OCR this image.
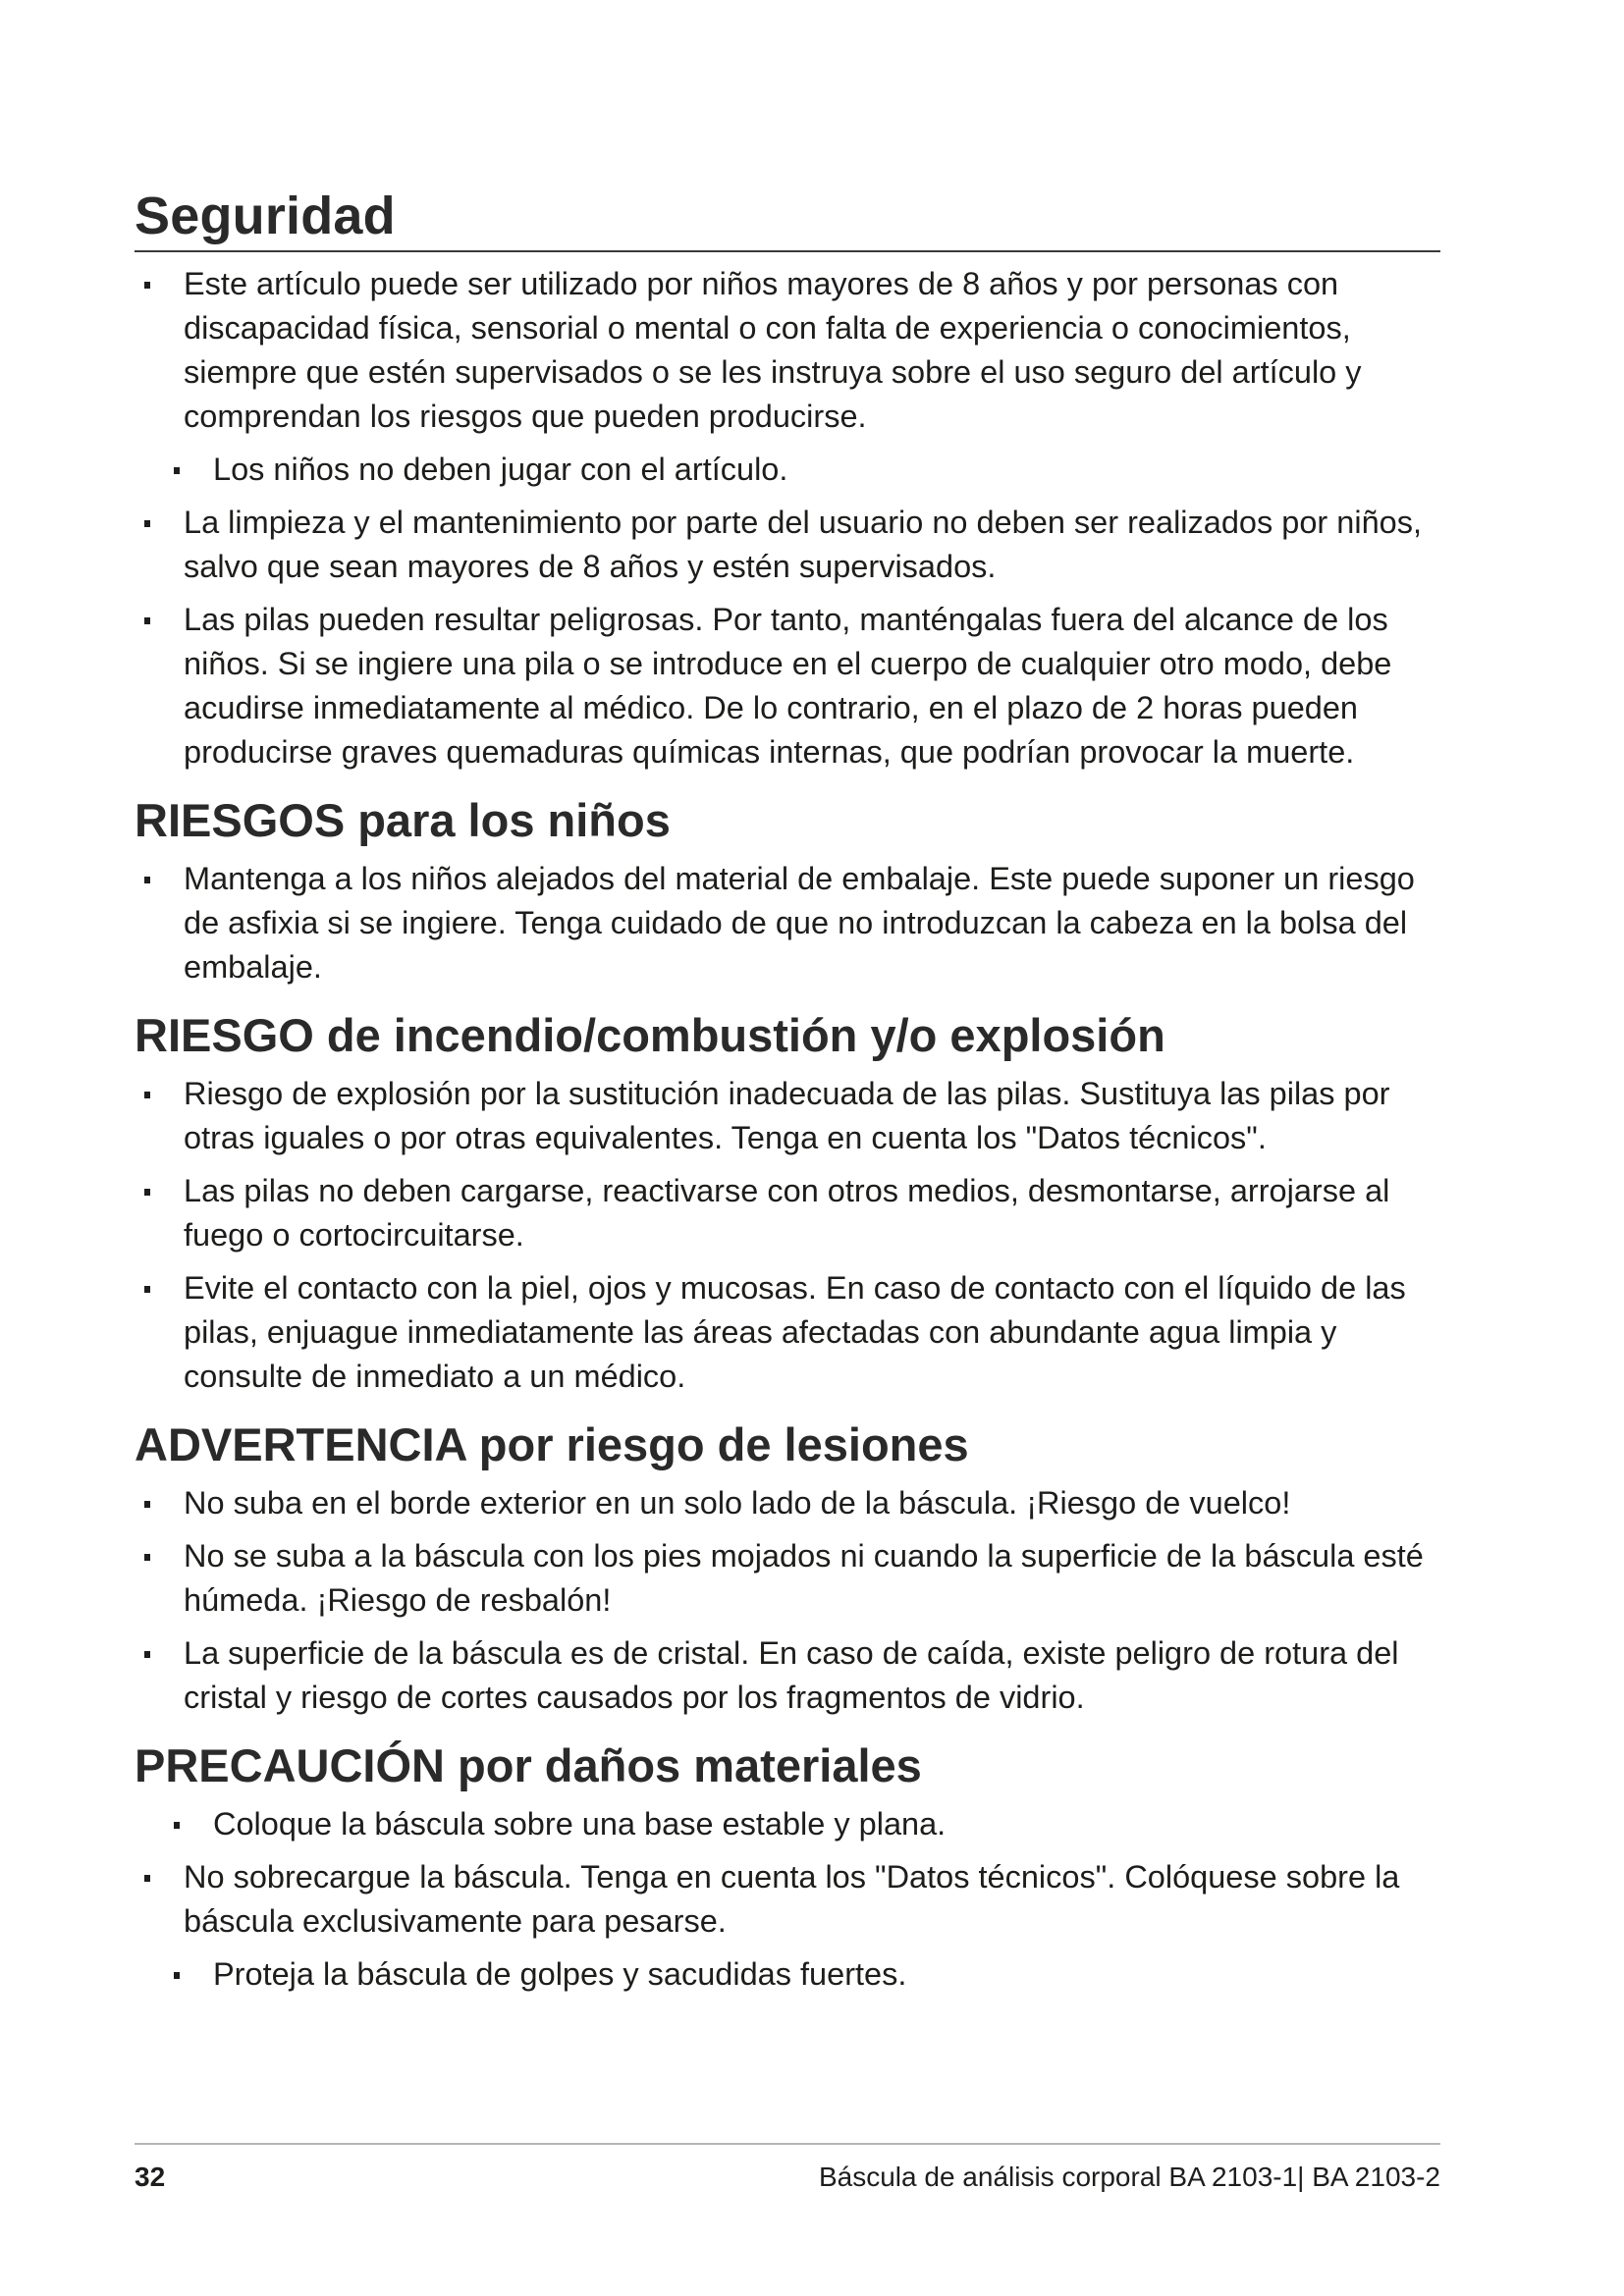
Seguridad
Este artículo puede ser utilizado por niños mayores de 8 años y por personas con discapacidad física, sensorial o mental o con falta de experiencia o conocimientos, siempre que estén supervisados o se les instruya sobre el uso seguro del artículo y comprendan los riesgos que pueden producirse.
Los niños no deben jugar con el artículo.
La limpieza y el mantenimiento por parte del usuario no deben ser realizados por niños, salvo que sean mayores de 8 años y estén supervisados.
Las pilas pueden resultar peligrosas. Por tanto, manténgalas fuera del alcance de los niños. Si se ingiere una pila o se introduce en el cuerpo de cualquier otro modo, debe acudirse inmediatamente al médico. De lo contrario, en el plazo de 2 horas pueden producirse graves quemaduras químicas internas, que podrían provocar la muerte.
RIESGOS para los niños
Mantenga a los niños alejados del material de embalaje. Este puede suponer un riesgo de asfixia si se ingiere. Tenga cuidado de que no introduzcan la cabeza en la bolsa del embalaje.
RIESGO de incendio/combustión y/o explosión
Riesgo de explosión por la sustitución inadecuada de las pilas. Sustituya las pilas por otras iguales o por otras equivalentes. Tenga en cuenta los "Datos técnicos".
Las pilas no deben cargarse, reactivarse con otros medios, desmontarse, arrojarse al fuego o cortocircuitarse.
Evite el contacto con la piel, ojos y mucosas. En caso de contacto con el líquido de las pilas, enjuague inmediatamente las áreas afectadas con abundante agua limpia y consulte de inmediato a un médico.
ADVERTENCIA por riesgo de lesiones
No suba en el borde exterior en un solo lado de la báscula. ¡Riesgo de vuelco!
No se suba a la báscula con los pies mojados ni cuando la superficie de la báscula esté húmeda. ¡Riesgo de resbalón!
La superficie de la báscula es de cristal. En caso de caída, existe peligro de rotura del cristal y riesgo de cortes causados por los fragmentos de vidrio.
PRECAUCIÓN por daños materiales
Coloque la báscula sobre una base estable y plana.
No sobrecargue la báscula. Tenga en cuenta los "Datos técnicos". Colóquese sobre la báscula exclusivamente para pesarse.
Proteja la báscula de golpes y sacudidas fuertes.
32	Báscula de análisis corporal BA 2103-1| BA 2103-2
